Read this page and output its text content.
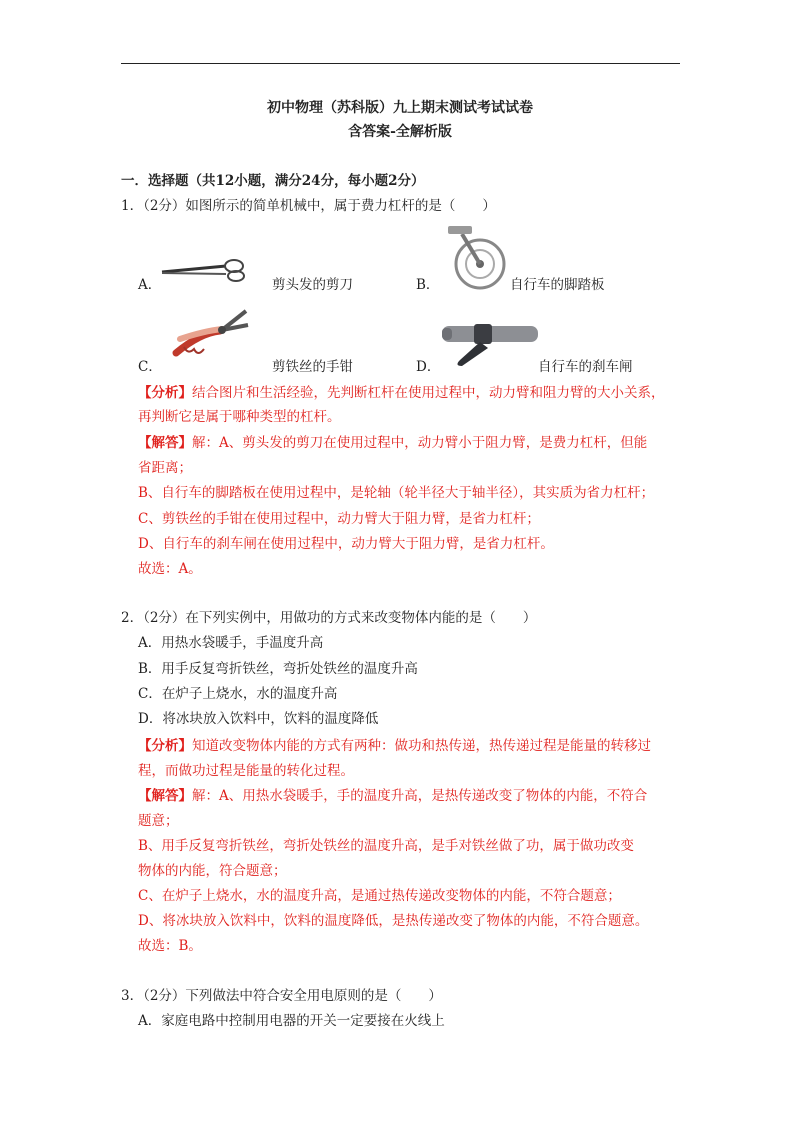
初中物理（苏科版）九上期末测试考试试卷
含答案-全解析版
一．选择题（共12小题，满分24分，每小题2分）
1．（2分）如图所示的简单机械中，属于费力杠杆的是（　　）
A．	剪头发的剪刀	B．	自行车的脚踏板
C．	剪铁丝的手钳	D．	自行车的刹车闸
【分析】结合图片和生活经验，先判断杠杆在使用过程中，动力臂和阻力臂的大小关系，
再判断它是属于哪种类型的杠杆。
【解答】解：A、剪头发的剪刀在使用过程中，动力臂小于阻力臂，是费力杠杆，但能
省距离；
B、自行车的脚踏板在使用过程中，是轮轴（轮半径大于轴半径），其实质为省力杠杆；
C、剪铁丝的手钳在使用过程中，动力臂大于阻力臂，是省力杠杆；
D、自行车的刹车闸在使用过程中，动力臂大于阻力臂，是省力杠杆。
故选：A。
2．（2分）在下列实例中，用做功的方式来改变物体内能的是（　　）
A．用热水袋暖手，手温度升高
B．用手反复弯折铁丝，弯折处铁丝的温度升高
C．在炉子上烧水，水的温度升高
D．将冰块放入饮料中，饮料的温度降低
【分析】知道改变物体内能的方式有两种：做功和热传递，热传递过程是能量的转移过
程，而做功过程是能量的转化过程。
【解答】解：A、用热水袋暖手，手的温度升高，是热传递改变了物体的内能，不符合
题意；
B、用手反复弯折铁丝，弯折处铁丝的温度升高，是手对铁丝做了功，属于做功改变
物体的内能，符合题意；
C、在炉子上烧水，水的温度升高，是通过热传递改变物体的内能，不符合题意；
D、将冰块放入饮料中，饮料的温度降低，是热传递改变了物体的内能，不符合题意。
故选：B。
3．（2分）下列做法中符合安全用电原则的是（　　）
A．家庭电路中控制用电器的开关一定要接在火线上
